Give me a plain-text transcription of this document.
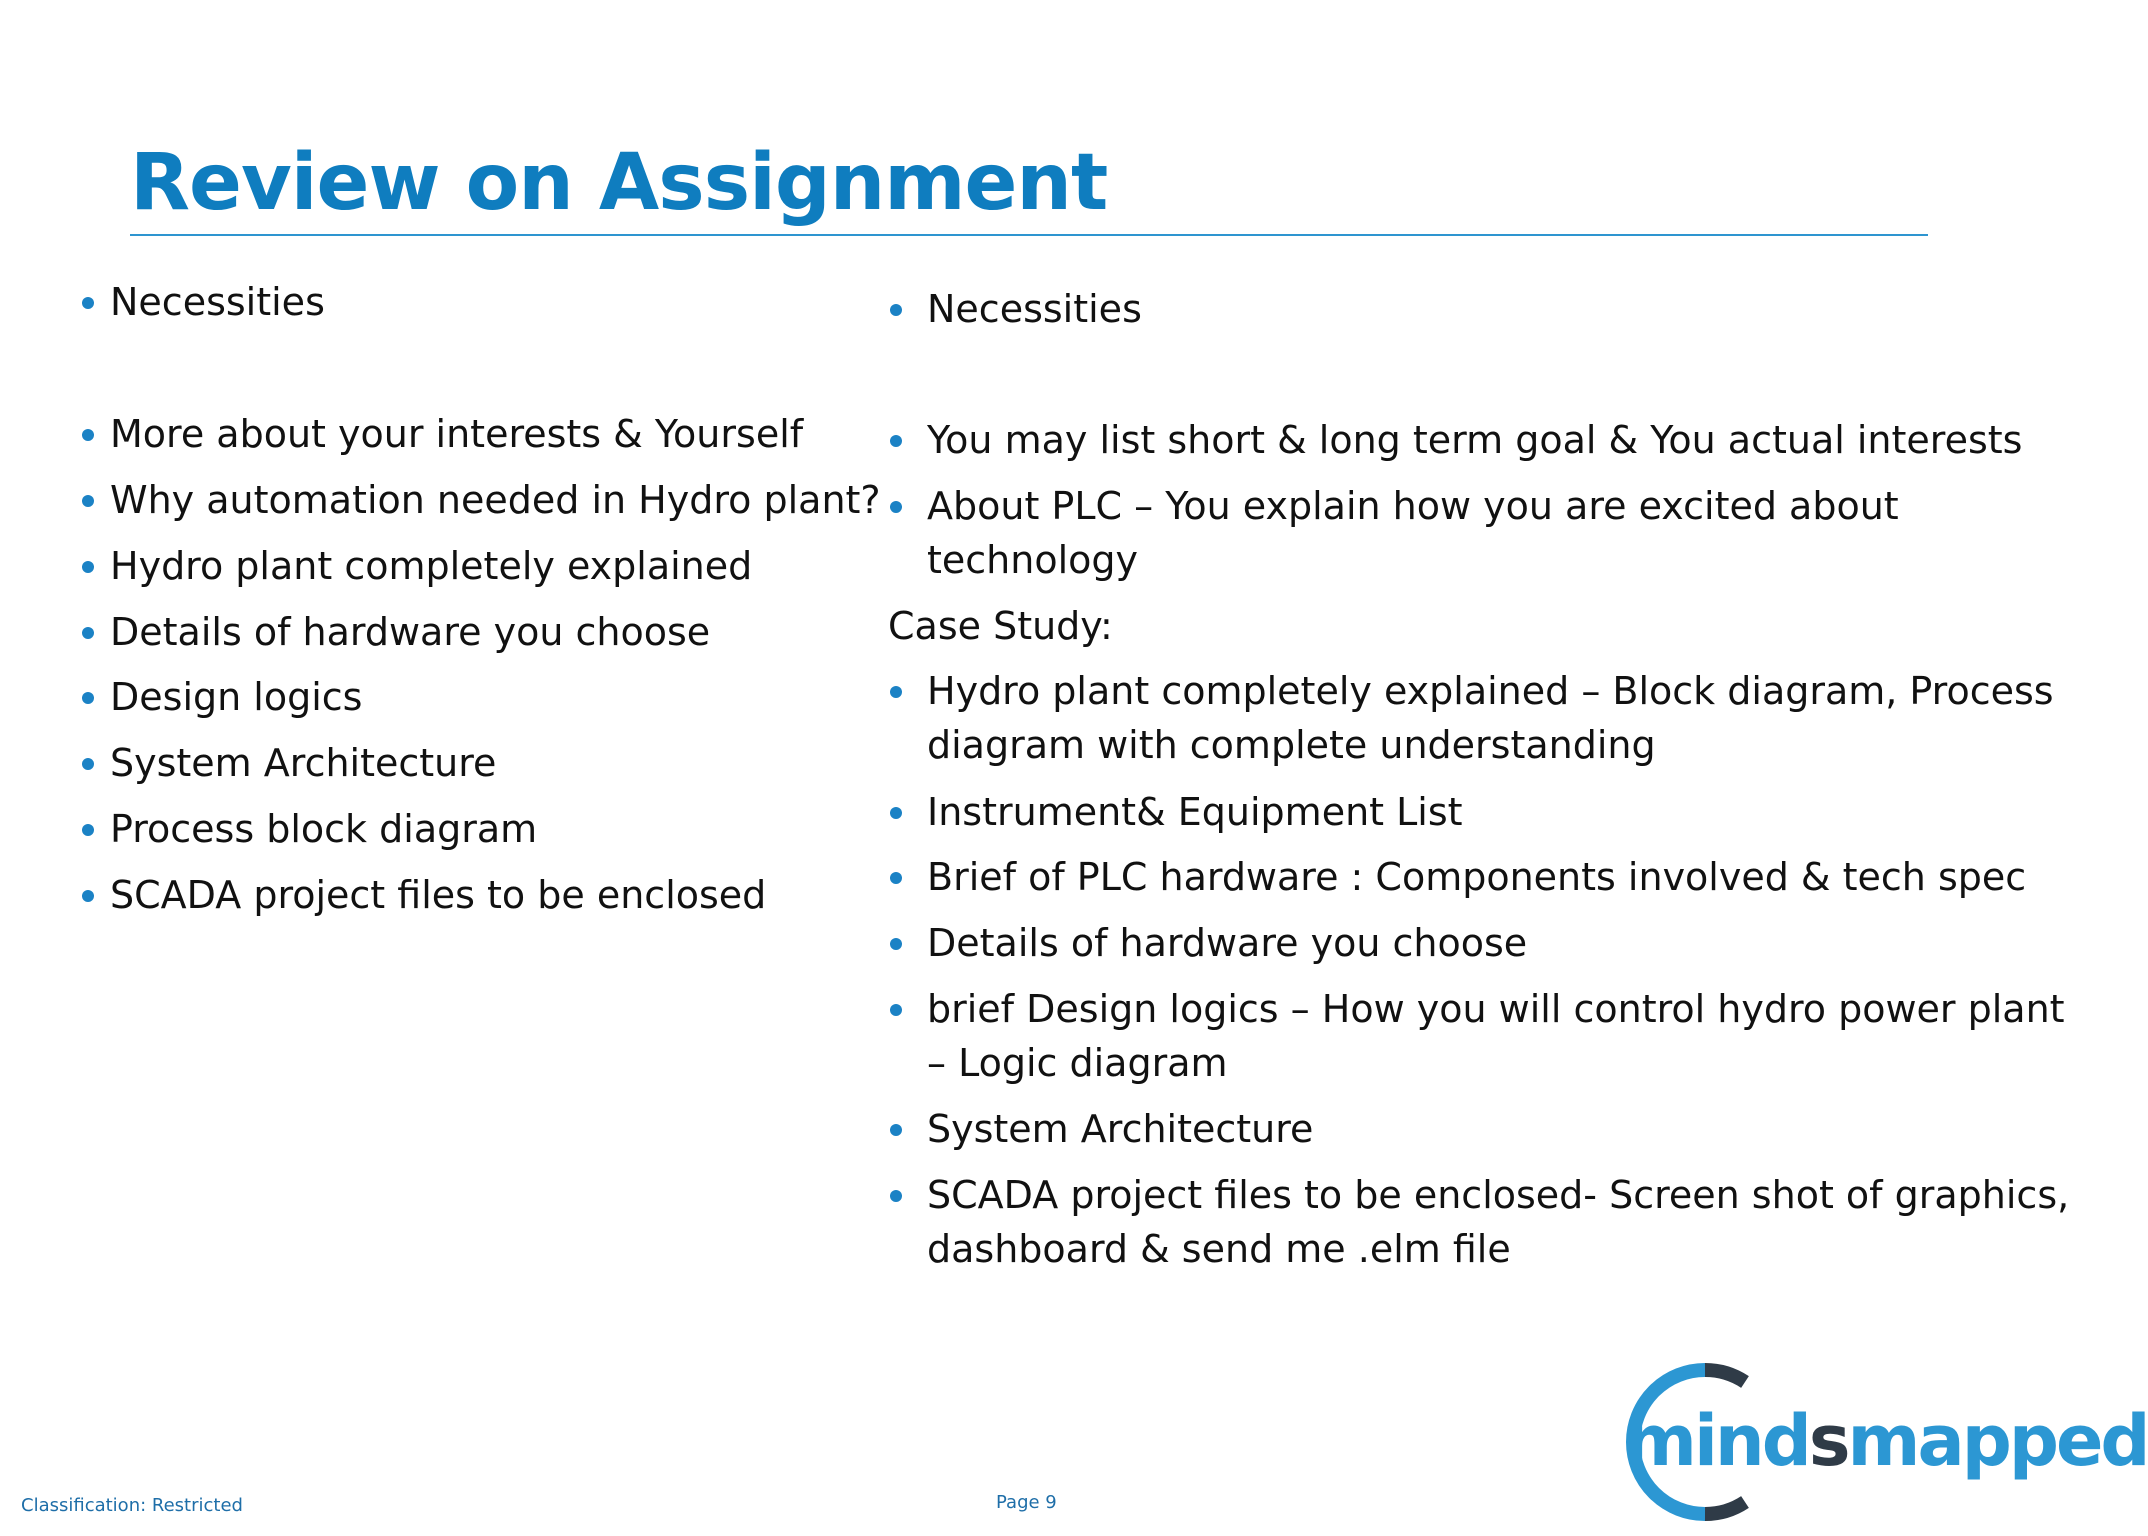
Review on Assignment
Necessities
More about your interests & Yourself
Why automation needed in Hydro plant?
Hydro plant completely explained
Details of hardware you choose
Design logics
System Architecture
Process block diagram
SCADA project files to be enclosed
Necessities
You may list short & long term goal & You actual interests
About PLC – You explain how you are excited about
technology
Case Study:
Hydro plant completely explained – Block diagram, Process
diagram with complete understanding
Instrument& Equipment List
Brief of PLC hardware : Components involved & tech spec
Details of hardware you choose
brief Design logics – How you will control hydro power plant
– Logic diagram
System Architecture
SCADA project files to be enclosed- Screen shot of graphics,
dashboard & send me .elm file
Classification: Restricted	Page 9
mindsmapped
